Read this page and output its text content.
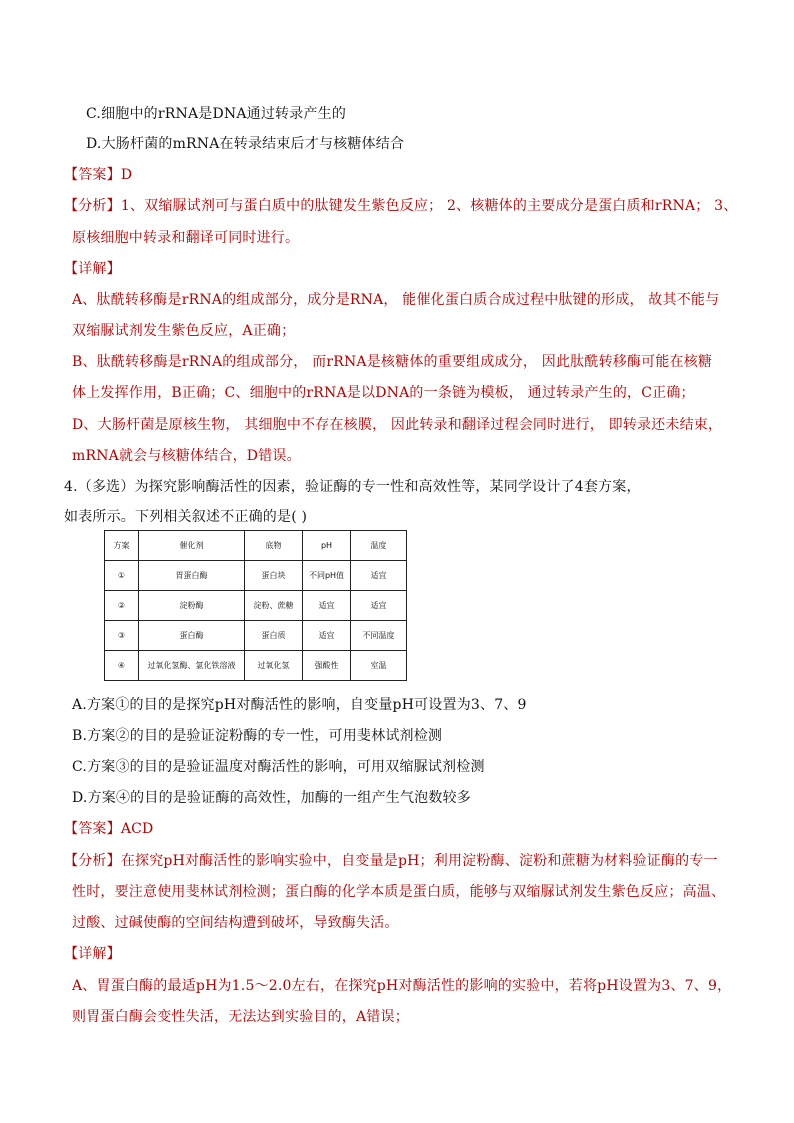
C.细胞中的rRNA是DNA通过转录产生的
D.大肠杆菌的mRNA在转录结束后才与核糖体结合
【答案】D
【分析】1、双缩脲试剂可与蛋白质中的肽键发生紫色反应； 2、核糖体的主要成分是蛋白质和rRNA； 3、
原核细胞中转录和翻译可同时进行。
【详解】
A、肽酰转移酶是rRNA的组成部分，成分是RNA， 能催化蛋白质合成过程中肽键的形成， 故其不能与
双缩脲试剂发生紫色反应，A正确；
B、肽酰转移酶是rRNA的组成部分， 而rRNA是核糖体的重要组成成分， 因此肽酰转移酶可能在核糖
体上发挥作用，B正确；C、细胞中的rRNA是以DNA的一条链为模板， 通过转录产生的，C正确；
D、大肠杆菌是原核生物， 其细胞中不存在核膜， 因此转录和翻译过程会同时进行， 即转录还未结束，
mRNA就会与核糖体结合，D错误。
4.（多选）为探究影响酶活性的因素，验证酶的专一性和高效性等，某同学设计了4套方案，
如表所示。下列相关叙述不正确的是( )
方案	催化剂	底物	pH	温度
①	胃蛋白酶	蛋白块	不同pH值	适宜
②	淀粉酶	淀粉、蔗糖	适宜	适宜
③	蛋白酶	蛋白质	适宜	不同温度
④	过氧化氢酶、氯化铁溶液	过氧化氢	强酸性	室温
A.方案①的目的是探究pH对酶活性的影响，自变量pH可设置为3、7、9
B.方案②的目的是验证淀粉酶的专一性，可用斐林试剂检测
C.方案③的目的是验证温度对酶活性的影响，可用双缩脲试剂检测
D.方案④的目的是验证酶的高效性，加酶的一组产生气泡数较多
【答案】ACD
【分析】在探究pH对酶活性的影响实验中，自变量是pH；利用淀粉酶、淀粉和蔗糖为材料验证酶的专一
性时，要注意使用斐林试剂检测；蛋白酶的化学本质是蛋白质，能够与双缩脲试剂发生紫色反应；高温、
过酸、过碱使酶的空间结构遭到破坏，导致酶失活。
【详解】
A、胃蛋白酶的最适pH为1.5～2.0左右，在探究pH对酶活性的影响的实验中，若将pH设置为3、7、9，
则胃蛋白酶会变性失活，无法达到实验目的，A错误；
